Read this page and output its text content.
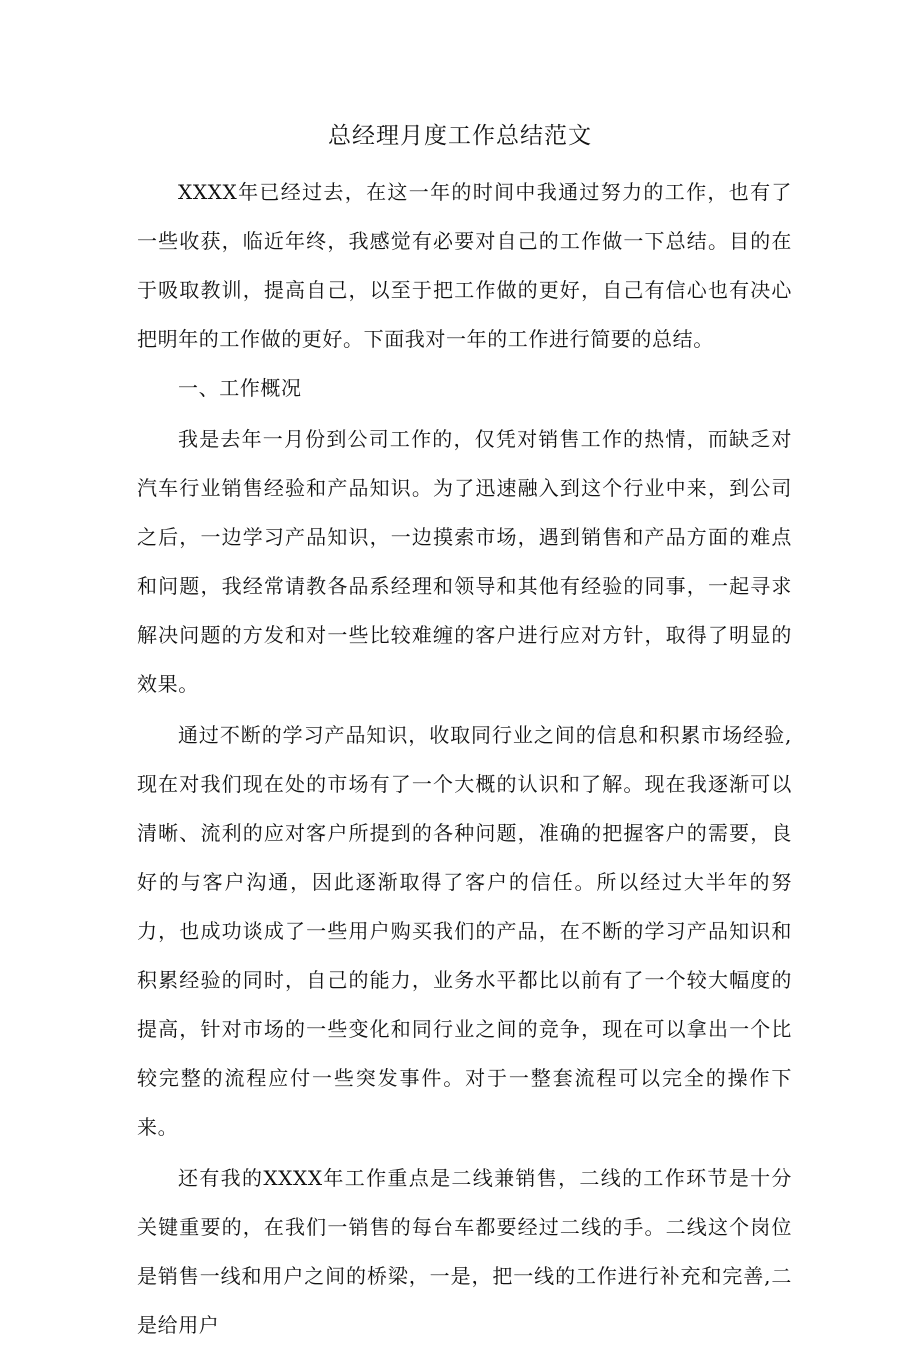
总经理月度工作总结范文

XXXX年已经过去，在这一年的时间中我通过努力的工作，也有了一些收获，临近年终，我感觉有必要对自己的工作做一下总结。目的在于吸取教训，提高自己，以至于把工作做的更好，自己有信心也有决心把明年的工作做的更好。下面我对一年的工作进行简要的总结。

一、工作概况

我是去年一月份到公司工作的，仅凭对销售工作的热情，而缺乏对汽车行业销售经验和产品知识。为了迅速融入到这个行业中来，到公司之后，一边学习产品知识，一边摸索市场，遇到销售和产品方面的难点和问题，我经常请教各品系经理和领导和其他有经验的同事，一起寻求解决问题的方发和对一些比较难缠的客户进行应对方针，取得了明显的效果。

通过不断的学习产品知识，收取同行业之间的信息和积累市场经验,现在对我们现在处的市场有了一个大概的认识和了解。现在我逐渐可以清晰、流利的应对客户所提到的各种问题，准确的把握客户的需要，良好的与客户沟通，因此逐渐取得了客户的信任。所以经过大半年的努力，也成功谈成了一些用户购买我们的产品，在不断的学习产品知识和积累经验的同时，自己的能力，业务水平都比以前有了一个较大幅度的提高，针对市场的一些变化和同行业之间的竞争，现在可以拿出一个比较完整的流程应付一些突发事件。对于一整套流程可以完全的操作下来。

还有我的XXXX年工作重点是二线兼销售，二线的工作环节是十分关键重要的，在我们一销售的每台车都要经过二线的手。二线这个岗位是销售一线和用户之间的桥梁，一是，把一线的工作进行补充和完善,二是给用户
